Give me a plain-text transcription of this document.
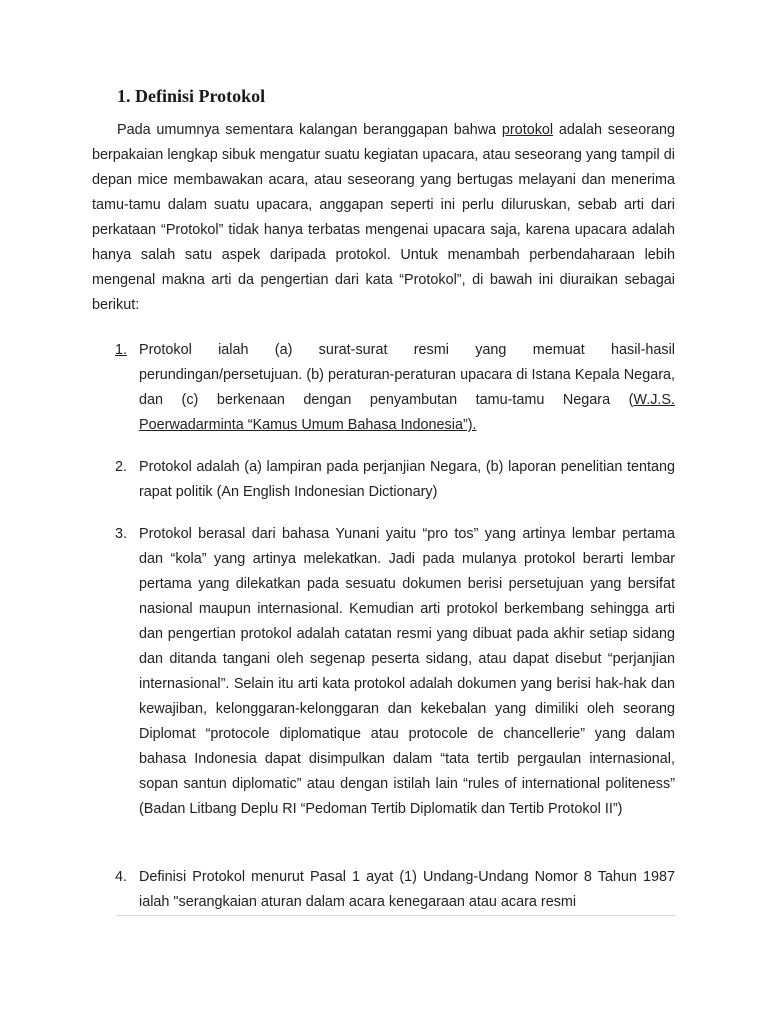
1. Definisi Protokol

Pada umumnya sementara kalangan beranggapan bahwa protokol adalah seseorang berpakaian lengkap sibuk mengatur suatu kegiatan upacara, atau seseorang yang tampil di depan mice membawakan acara, atau seseorang yang bertugas melayani dan menerima tamu-tamu dalam suatu upacara, anggapan seperti ini perlu diluruskan, sebab arti dari perkataan “Protokol” tidak hanya terbatas mengenai upacara saja, karena upacara adalah hanya salah satu aspek daripada protokol. Untuk menambah perbendaharaan lebih mengenal makna arti da pengertian dari kata “Protokol”, di bawah ini diuraikan sebagai berikut:

1. Protokol ialah (a) surat-surat resmi yang memuat hasil-hasil perundingan/persetujuan. (b) peraturan-peraturan upacara di Istana Kepala Negara, dan (c) berkenaan dengan penyambutan tamu-tamu Negara (W.J.S. Poerwadarminta “Kamus Umum Bahasa Indonesia”).
2. Protokol adalah (a) lampiran pada perjanjian Negara, (b) laporan penelitian tentang rapat politik (An English Indonesian Dictionary)
3. Protokol berasal dari bahasa Yunani yaitu “pro tos” yang artinya lembar pertama dan “kola” yang artinya melekatkan. Jadi pada mulanya protokol berarti lembar pertama yang dilekatkan pada sesuatu dokumen berisi persetujuan yang bersifat nasional maupun internasional. Kemudian arti protokol berkembang sehingga arti dan pengertian protokol adalah catatan resmi yang dibuat pada akhir setiap sidang dan ditanda tangani oleh segenap peserta sidang, atau dapat disebut “perjanjian internasional”. Selain itu arti kata protokol adalah dokumen yang berisi hak-hak dan kewajiban, kelonggaran-kelonggaran dan kekebalan yang dimiliki oleh seorang Diplomat “protocole diplomatique atau protocole de chancellerie” yang dalam bahasa Indonesia dapat disimpulkan dalam “tata tertib pergaulan internasional, sopan santun diplomatic” atau dengan istilah lain “rules of international politeness” (Badan Litbang Deplu RI “Pedoman Tertib Diplomatik dan Tertib Protokol II”)
4. Definisi Protokol menurut Pasal 1 ayat (1) Undang-Undang Nomor 8 Tahun 1987 ialah "serangkaian aturan dalam acara kenegaraan atau acara resmi
